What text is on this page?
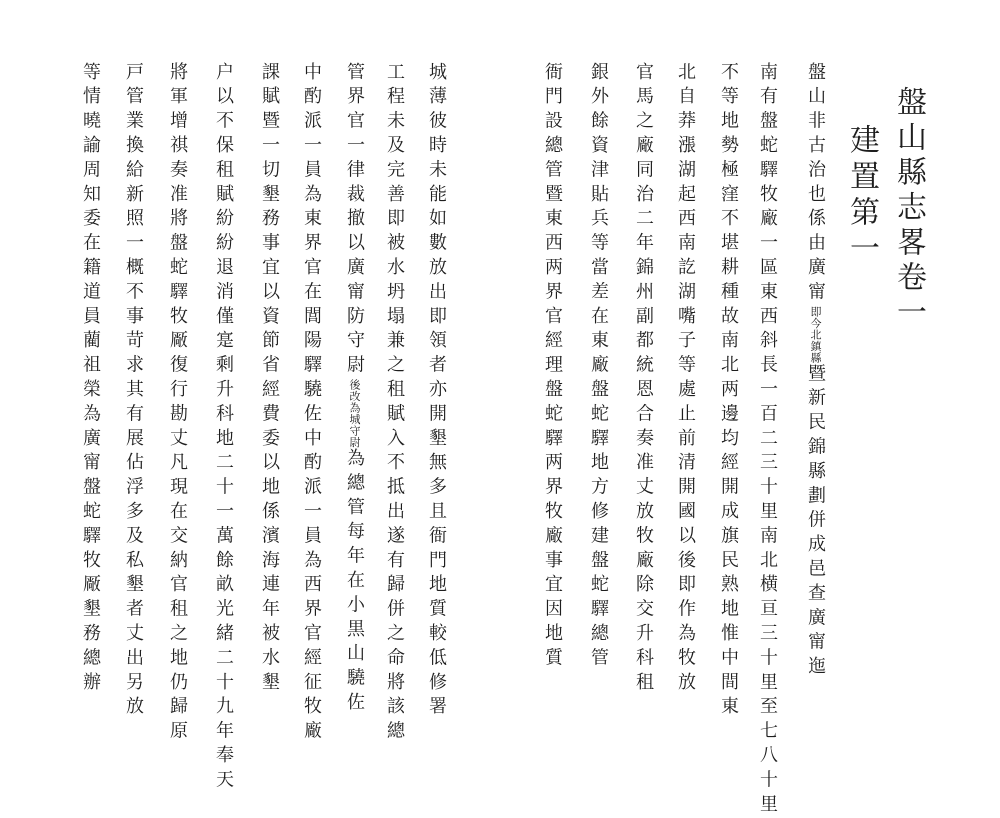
盤山縣志畧卷一
建置第一
盤山非古治也係由廣甯即今北鎮縣暨新民錦縣劃併成邑查廣甯迤
南有盤蛇驛牧廠一區東西斜長一百二三十里南北横亘三十里至七八十里
不等地勢極窪不堪耕種故南北两邊均經開成旗民熟地惟中間東
北自莽漲湖起西南訖湖嘴子等處止前清開國以後即作為牧放
官馬之廠同治二年錦州副都統恩合奏准丈放牧廠除交升科租
銀外餘資津貼兵等當差在東廠盤蛇驛地方修建盤蛇驛總管
衙門設總管暨東西两界官經理盤蛇驛两界牧廠事宜因地質
城薄彼時未能如數放出即領者亦開墾無多且衙門地質較低修署
工程未及完善即被水坍塌兼之租賦入不抵出遂有歸併之命將該總
管界官一律裁撤以廣甯防守尉後改為城守尉為總管每年在小黒山驍佐
中酌派一員為東界官在閭陽驛驍佐中酌派一員為西界官經征牧廠
課賦暨一切墾務事宜以資節省經費委以地係濱海連年被水墾
户以不保租賦紛紛退消僅寔剩升科地二十一萬餘畝光緒二十九年奉天
將軍增祺奏准將盤蛇驛牧厰復行勘丈凡現在交納官租之地仍歸原
戸管業換給新照一概不事苛求其有展佔浮多及私墾者丈出另放
等情曉諭周知委在籍道員藺祖榮為廣甯盤蛇驛牧厰墾務總辦
